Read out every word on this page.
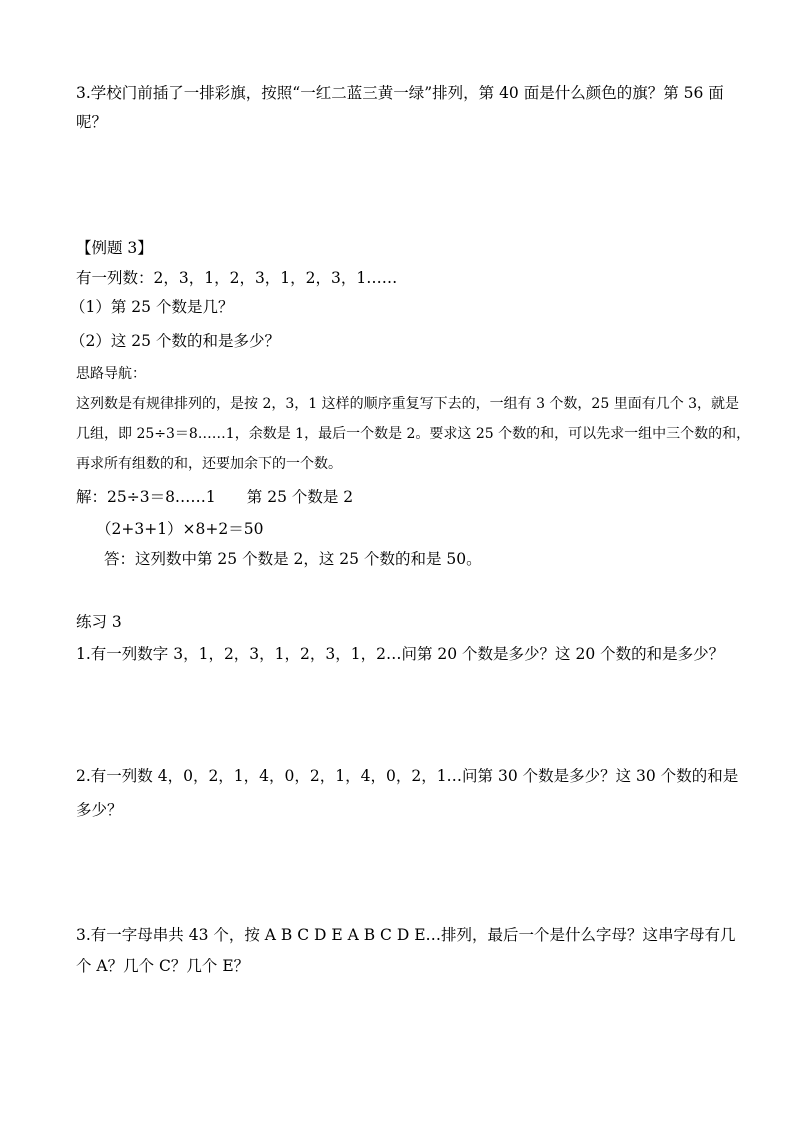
3.学校门前插了一排彩旗，按照“一红二蓝三黄一绿”排列，第 40 面是什么颜色的旗？第 56 面
呢？
【例题 3】
有一列数：2，3，1，2，3，1，2，3，1……
（1）第 25 个数是几？
（2）这 25 个数的和是多少？
思路导航：
这列数是有规律排列的，是按 2，3，1 这样的顺序重复写下去的，一组有 3 个数，25 里面有几个 3，就是
几组，即 25÷3＝8……1，余数是 1，最后一个数是 2。要求这 25 个数的和，可以先求一组中三个数的和，
再求所有组数的和，还要加余下的一个数。
解：25÷3＝8……1　　第 25 个数是 2
（2+3+1）×8+2＝50
答：这列数中第 25 个数是 2，这 25 个数的和是 50。
练习 3
1.有一列数字 3，1，2，3，1，2，3，1，2…问第 20 个数是多少？这 20 个数的和是多少？
2.有一列数 4，0，2，1，4，0，2，1，4，0，2，1…问第 30 个数是多少？这 30 个数的和是
多少？
3.有一字母串共 43 个，按 A B C D E A B C D E…排列，最后一个是什么字母？这串字母有几
个 A？几个 C？几个 E？
